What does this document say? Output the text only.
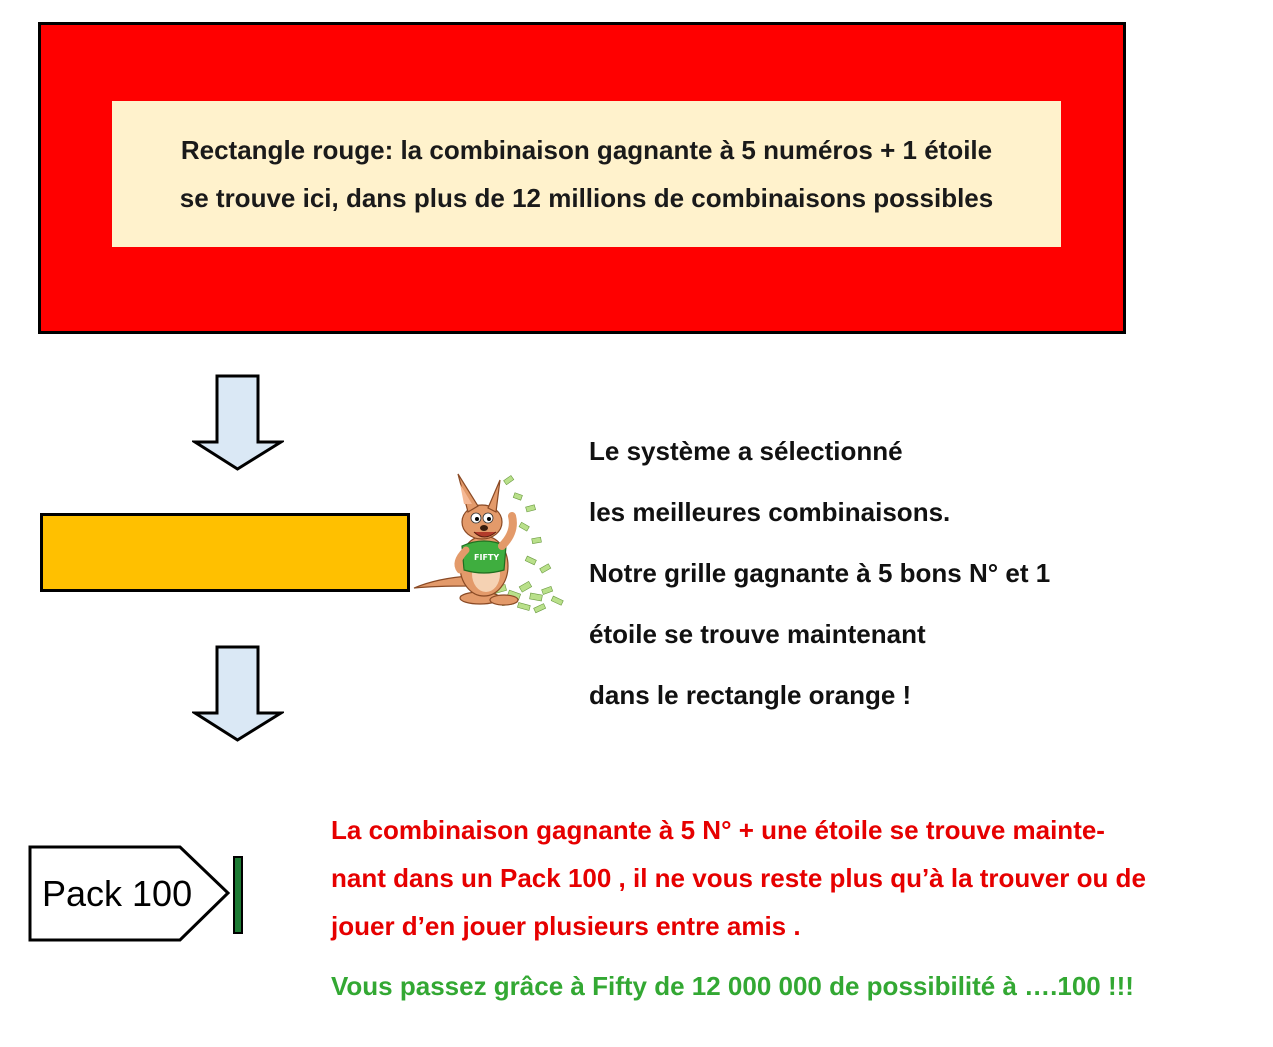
Rectangle rouge: la combinaison gagnante à 5 numéros + 1 étoile
se trouve ici, dans plus de 12 millions de combinaisons possibles
FIFTY
Le système a sélectionné
les meilleures combinaisons.
Notre grille gagnante à 5 bons N° et 1
étoile se trouve maintenant
dans le rectangle orange !
Pack 100
La combinaison gagnante à 5 N° + une étoile se trouve mainte-
nant dans un Pack 100 , il ne vous reste plus qu’à la trouver ou de
jouer d’en jouer plusieurs entre amis .
Vous passez grâce à Fifty de 12 000 000 de possibilité à ….100 !!!
